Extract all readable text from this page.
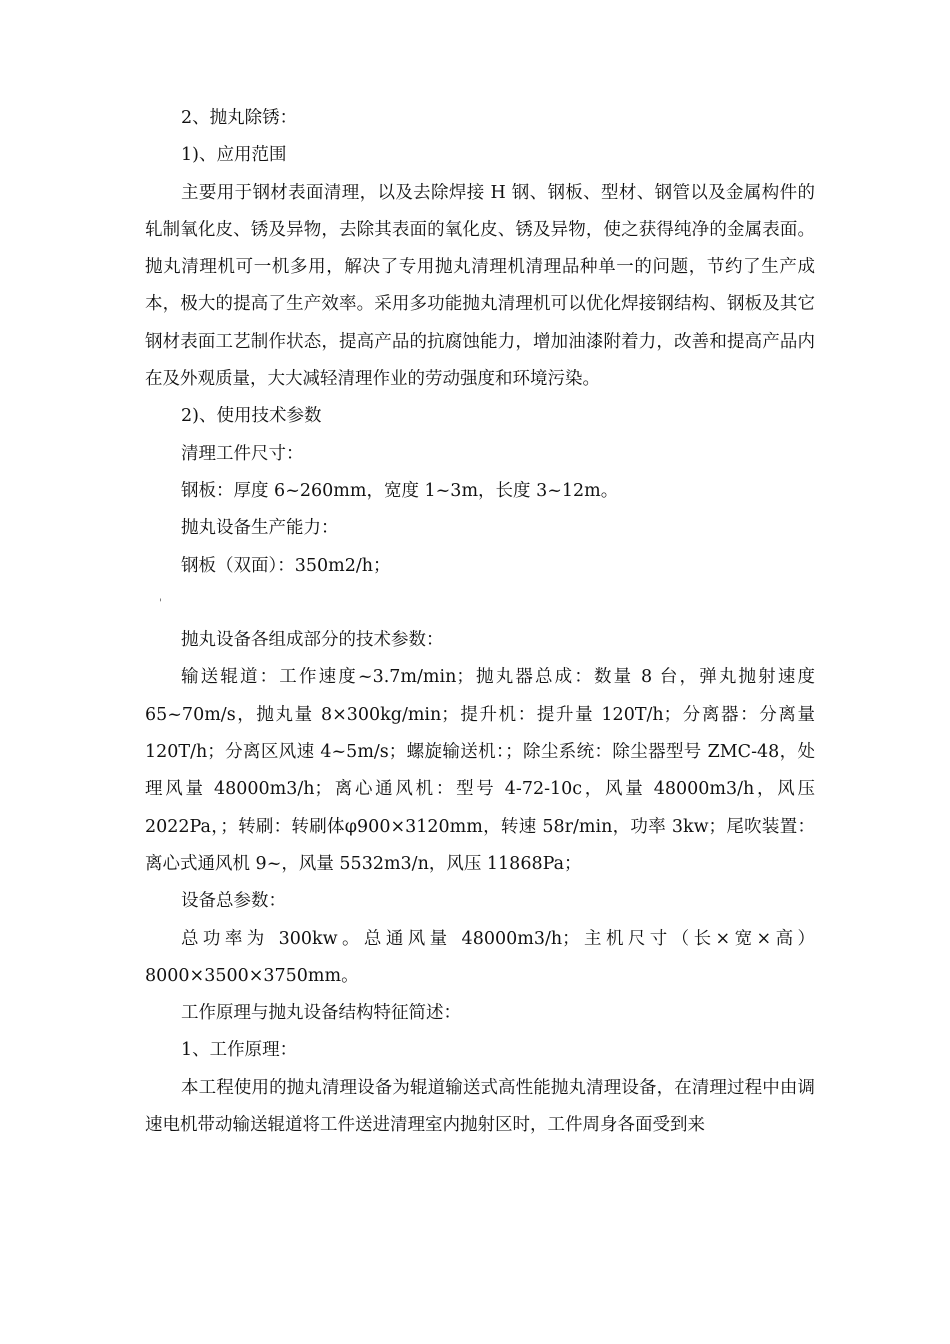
2、抛丸除锈：

1)、应用范围

主要用于钢材表面清理，以及去除焊接 H 钢、钢板、型材、钢管以及金属构件的轧制氧化皮、锈及异物，去除其表面的氧化皮、锈及异物，使之获得纯净的金属表面。抛丸清理机可一机多用，解决了专用抛丸清理机清理品种单一的问题，节约了生产成本，极大的提高了生产效率。采用多功能抛丸清理机可以优化焊接钢结构、钢板及其它钢材表面工艺制作状态，提高产品的抗腐蚀能力，增加油漆附着力，改善和提高产品内在及外观质量，大大减轻清理作业的劳动强度和环境污染。

2)、使用技术参数

清理工件尺寸：

钢板：厚度 6~260mm，宽度 1~3m，长度 3~12m。

抛丸设备生产能力：

钢板（双面）：350m2/h；

'

抛丸设备各组成部分的技术参数：

输送辊道：工作速度~3.7m/min；抛丸器总成：数量 8 台，弹丸抛射速度 65~70m/s，抛丸量 8×300kg/min；提升机：提升量 120T/h；分离器：分离量 120T/h；分离区风速 4~5m/s；螺旋输送机：；除尘系统：除尘器型号 ZMC-48，处理风量 48000m3/h；离心通风机：型号 4-72-10c，风量 48000m3/h，风压 2022Pa，；转刷：转刷体φ900×3120mm，转速 58r/min，功率 3kw；尾吹装置：离心式通风机 9~，风量 5532m3/n，风压 11868Pa；

设备总参数：

总功率为 300kw。总通风量 48000m3/h；主机尺寸（长×宽×高）8000×3500×3750mm。

工作原理与抛丸设备结构特征简述：

1、工作原理：

本工程使用的抛丸清理设备为辊道输送式高性能抛丸清理设备，在清理过程中由调速电机带动输送辊道将工件送进清理室内抛射区时，工件周身各面受到来
